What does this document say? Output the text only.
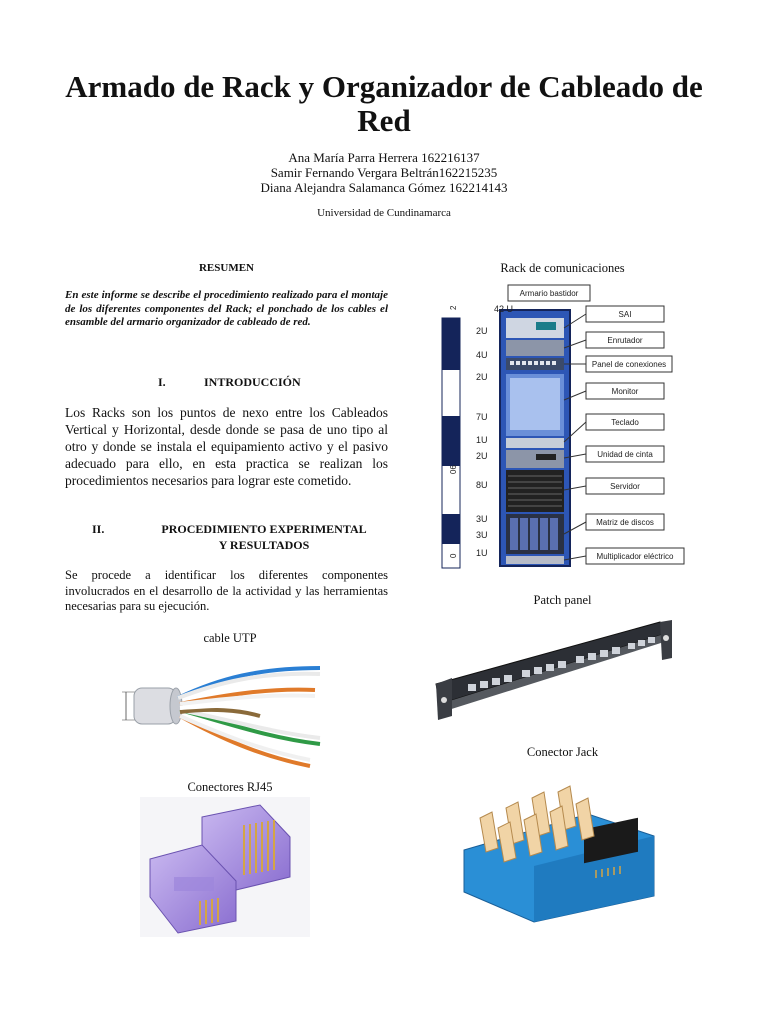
Armado de Rack y Organizador de Cableado de Red
Ana María Parra Herrera 162216137
Samir Fernando Vergara Beltrán162215235
Diana Alejandra Salamanca Gómez 162214143
Universidad de Cundinamarca
RESUMEN
En este informe se describe el procedimiento realizado para el montaje de los diferentes componentes del Rack; el ponchado de los cables el ensamble del armario organizador de cableado de red.
I.	INTRODUCCIÓN
Los Racks son los puntos de nexo entre los Cableados Vertical y Horizontal, desde donde se pasa de uno tipo al otro y donde se instala el equipamiento activo y el pasivo adecuado para ello, en esta practica se realizan los procedimientos necesarios para lograr este cometido.
II.	PROCEDIMIENTO EXPERIMENTAL
Y RESULTADOS
Se procede a identificar los diferentes componentes involucrados en el desarrollo de la actividad y las herramientas necesarias para su ejecución.
cable UTP
Conectores RJ45
Rack de comunicaciones
2
1
06
0
42 U
2U
4U
2U
7U
1U
2U
8U
3U
3U
1U
Armario bastidor
SAI
Enrutador
Panel de conexiones
Monitor
Teclado
Unidad de cinta
Servidor
Matriz de discos
Multiplicador eléctrico
Patch panel
Conector Jack
